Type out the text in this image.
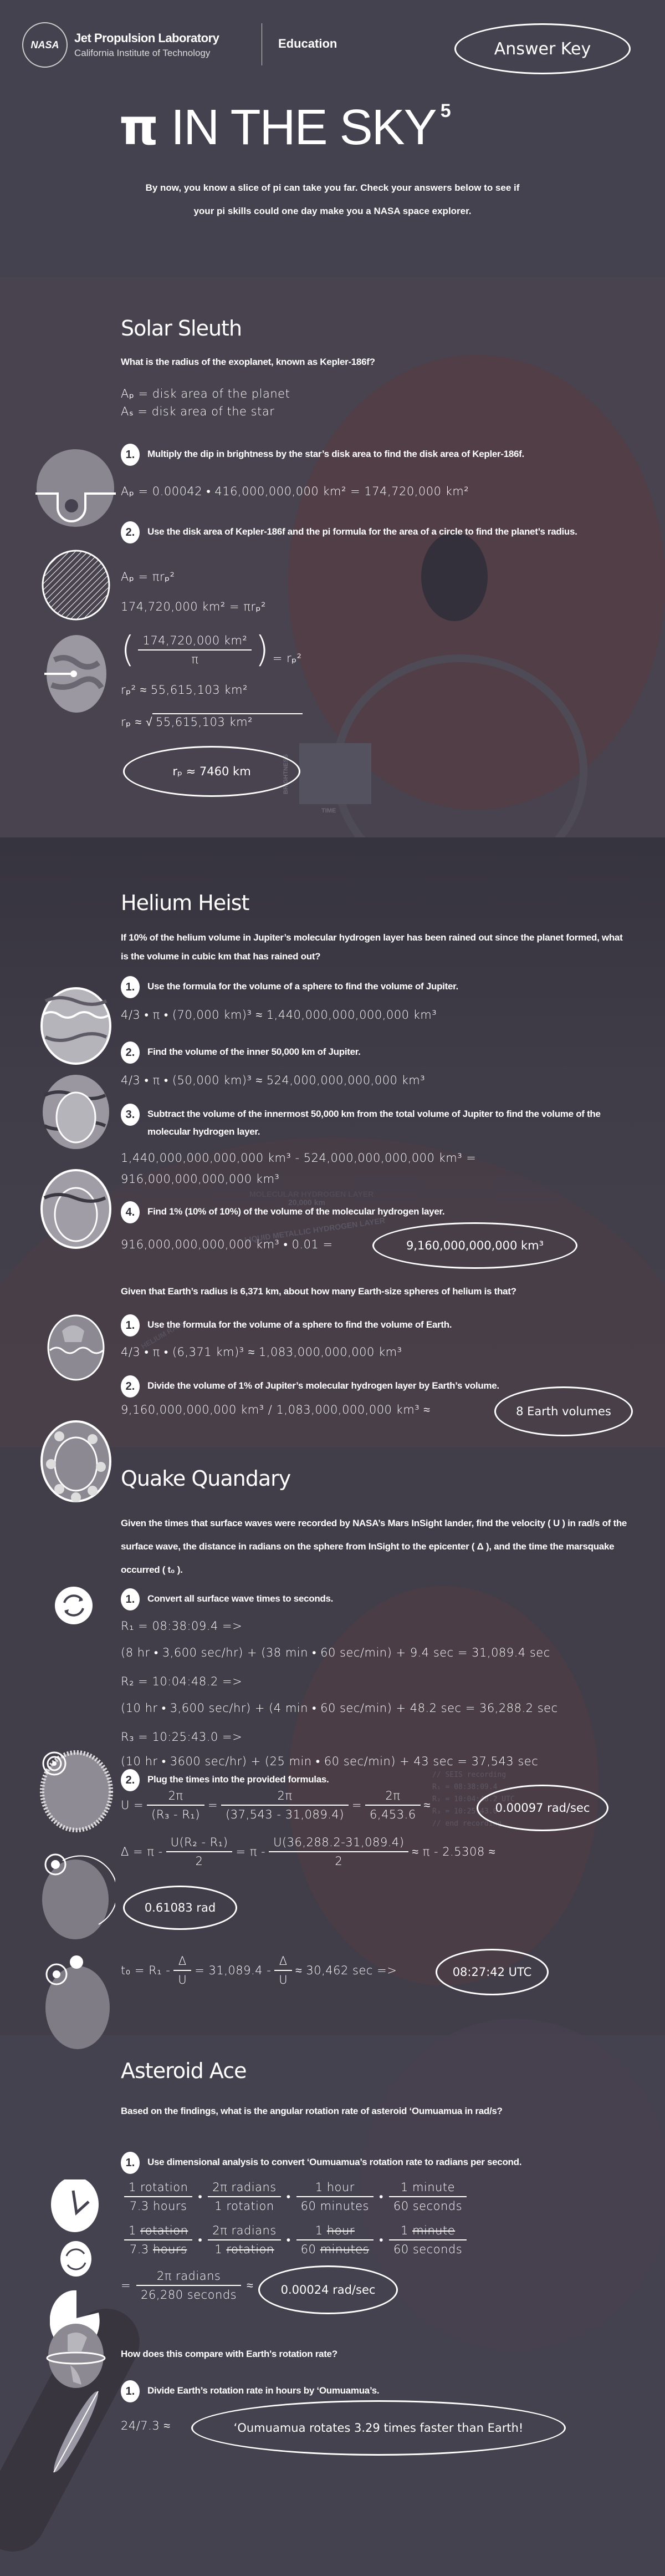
TIME
BRIGHTNESS
LIQUID METALLIC HYDROGEN LAYER
20,000 km
MOLECULAR HYDROGEN LAYER
HELIUM RAIN
// SEIS recording
R₁ = 08:38:09.4
R₂ = 10:04:48.2 UTC
R₃ = 10:25:43.0
// end recording
NASA Jet Propulsion Laboratory
California Institute of Technology
Education	Answer Key
π IN THE SKY 5
By now, you know a slice of pi can take you far. Check your answers below to see if
your pi skills could one day make you a NASA space explorer.
Solar Sleuth
What is the radius of the exoplanet, known as Kepler-186f?
Aₚ = disk area of the planet
Aₛ = disk area of the star
1.	Multiply the dip in brightness by the star’s disk area to find the disk area of Kepler-186f.
Aₚ = 0.00042 • 416,000,000,000 km² = 174,720,000 km²
2.	Use the disk area of Kepler-186f and the pi formula for the area of a circle to find the planet’s radius.
Aₚ = πrₚ²
174,720,000 km² = πrₚ²
( $\frac{\text{174,720,000 km²}}{\pi}$ ) = rₚ²
rₚ² ≈ 55,615,103 km²
rₚ ≈ √ 55,615,103 km²
rₚ ≈ 7460 km
Helium Heist
If 10% of the helium volume in Jupiter’s molecular hydrogen layer has been rained out since the planet formed, what is the volume in cubic km that has rained out?
1.	Use the formula for the volume of a sphere to find the volume of Jupiter.
4/3 • π • (70,000 km)³ ≈ 1,440,000,000,000,000 km³
2.	Find the volume of the inner 50,000 km of Jupiter.
4/3 • π • (50,000 km)³ ≈ 524,000,000,000,000 km³
3.	Subtract the volume of the innermost 50,000 km from the total volume of Jupiter to find the volume of the molecular hydrogen layer.
1,440,000,000,000,000 km³ - 524,000,000,000,000 km³ =
916,000,000,000,000 km³
4.	Find 1% (10% of 10%) of the volume of the molecular hydrogen layer.
916,000,000,000,000 km³ • 0.01 =	9,160,000,000,000 km³
Given that Earth’s radius is 6,371 km, about how many Earth-size spheres of helium is that?
1.	Use the formula for the volume of a sphere to find the volume of Earth.
4/3 • π • (6,371 km)³ ≈ 1,083,000,000,000 km³
2.	Divide the volume of 1% of Jupiter’s molecular hydrogen layer by Earth’s volume.
9,160,000,000,000 km³ / 1,083,000,000,000 km³ ≈	8 Earth volumes
Quake Quandary
Given the times that surface waves were recorded by NASA’s Mars InSight lander, find the velocity ( U ) in rad/s of the surface wave, the distance in radians on the sphere from InSight to the epicenter ( Δ ), and the time the marsquake occurred ( t₀ ).
1.	Convert all surface wave times to seconds.
R₁ = 08:38:09.4 =>
(8 hr • 3,600 sec/hr) + (38 min • 60 sec/min) + 9.4 sec = 31,089.4 sec
R₂ = 10:04:48.2 =>
(10 hr • 3,600 sec/hr) + (4 min • 60 sec/min) + 48.2 sec = 36,288.2 sec
R₃ = 10:25:43.0 =>
(10 hr • 3600 sec/hr) + (25 min • 60 sec/min) + 43 sec = 37,543 sec
2.	Plug the times into the provided formulas.
$U = \frac{2\pi}{\text{(R₃ - R₁)}} = \frac{2\pi}{(37,543 - 31,089.4)} = \frac{2\pi}{6,453.6}$ ≈	0.00097 rad/sec
$\Delta = \pi - \frac{\text{U(R₂ - R₁)}}{2} = \pi - \frac{U(36,288.2-31,089.4)}{2} \approx \pi - 2.5308$ ≈
0.61083 rad
$t_0 = R_1 - \frac{\Delta}{U} = 31,089.4 - \frac{\Delta}{U} \approx 30,462$ sec =>	08:27:42 UTC
Asteroid Ace
Based on the findings, what is the angular rotation rate of asteroid ‘Oumuamua in rad/s?
1.	Use dimensional analysis to convert ‘Oumuamua’s rotation rate to radians per second.
$\frac{\text{1 rotation}}{\text{7.3 hours}}$ • $\frac{\text{2π radians}}{\text{1 rotation}}$ • $\frac{\text{1 hour}}{\text{60 minutes}}$ • $\frac{\text{1 minute}}{\text{60 seconds}}$
$\frac{\text{1 rotation}}{\text{7.3 hours}}$ • $\frac{\text{2π radians}}{\text{1 rotation}}$ • $\frac{\text{1 hour}}{\text{60 minutes}}$ • $\frac{\text{1 minute}}{\text{60 seconds}}$
= $\frac{\text{2π radians}}{\text{26,280 seconds}}$ ≈	0.00024 rad/sec
How does this compare with Earth's rotation rate?
1.	Divide Earth’s rotation rate in hours by ‘Oumuamua’s.
24/7.3 ≈	‘Oumuamua rotates 3.29 times faster than Earth!
